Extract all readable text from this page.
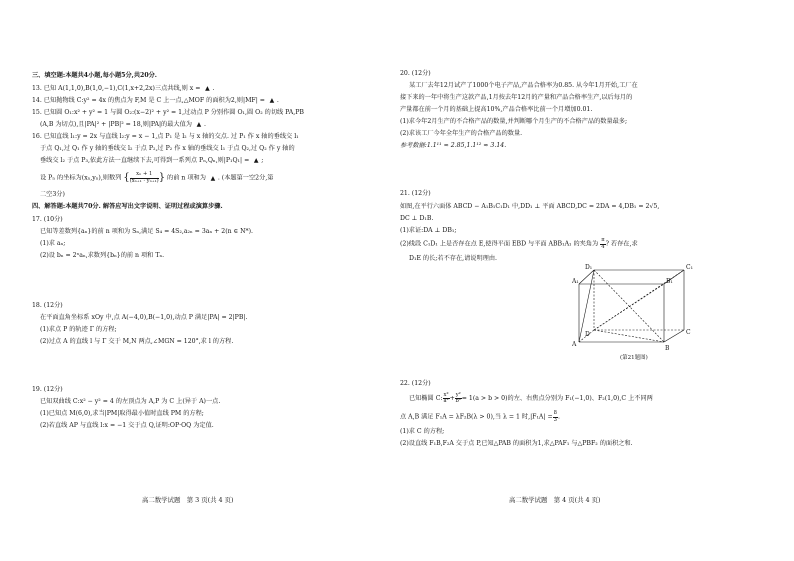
三、填空题:本题共4小题,每小题5分,共20分.
13. 已知 A(1,1,0),B(1,0,−1),C(1,x+2,2x)三点共线,则 x = ▲ .
14. 已知抛物线 C:y² = 4x 的焦点为 F,M 是 C 上一点,△MOF 的面积为2,则|MF| = ▲ .
15. 已知圆 O₁:x² + y² = 1 与圆 O₂:(x−2)² + y² = 1,过动点 P 分别作圆 O₁,圆 O₂ 的切线 PA,PB
(A,B 为切点),且|PA|² + |PB|² = 18,则|PA|的最大值为 ▲ .
16. 已知直线 l₁:y = 2x 与直线 l₂:y = x − 1,点 P₁ 是 l₂ 与 x 轴的交点. 过 P₁ 作 x 轴的垂线交 l₁
于点 Q₁,过 Q₁ 作 y 轴的垂线交 l₂ 于点 P₂,过 P₂ 作 x 轴的垂线交 l₁ 于点 Q₂,过 Q₂ 作 y 轴的
垂线交 l₂ 于点 P₃,依此方法一直继续下去,可得到一系列点 Pₙ,Qₙ,则|P₁Q₁| = ▲ ;
设 Pₙ 的坐标为(xₙ,yₙ),则数列 { $\frac{\text{xₙ + 1}}{\text{(xₙ₊₁ · yₙ₊₁)}}$ } 的前 n 项和为 ▲ . (本题第一空2分,第
二空3分)
四、解答题:本题共70分. 解答应写出文字说明、证明过程或演算步骤.
17. (10分)
已知等差数列{aₙ}的前 n 项和为 Sₙ,满足 S₄ = 4S₂,a₂ₙ = 3aₙ + 2(n ∈ N*).
(1)求 aₙ;
(2)设 bₙ = 2ⁿaₙ,求数列{bₙ}的前 n 项和 Tₙ.
18. (12分)
在平面直角坐标系 xOy 中,点 A(−4,0),B(−1,0),动点 P 满足|PA| = 2|PB|.
(1)求点 P 的轨迹 Γ 的方程;
(2)过点 A 的直线 l 与 Γ 交于 M,N 两点,∠MGN = 120°,求 l 的方程.
19. (12分)
已知双曲线 C:x² − y² = 4 的左顶点为 A,P 为 C 上(异于 A)一点.
(1)已知点 M(6,0),求当|PM|取得最小值时直线 PM 的方程;
(2)若直线 AP 与直线 l:x = −1 交于点 Q,证明:OP·OQ 为定值.
高二数学试题　第 3 页(共 4 页)
20. (12分)
某工厂去年12月试产了1000个电子产品,产品合格率为0.85. 从今年1月开始,工厂在
接下来的一年中将生产这款产品,1月按去年12月的产量和产品合格率生产,以后每月的
产量都在前一个月的基础上提高10%,产品合格率比前一个月增加0.01.
(1)求今年2月生产的不合格产品的数量,并判断哪个月生产的不合格产品的数量最多;
(2)求该工厂今年全年生产的合格产品的数量.
参考数据:1.1¹¹ ≈ 2.85,1.1¹² ≈ 3.14.
21. (12分)
如图,在平行六面体 ABCD − A₁B₁C₁D₁ 中,DD₁ ⊥ 平面 ABCD,DC = 2DA = 4,DB₁ = 2√5,
DC ⊥ D₁B.
(1)求证:DA ⊥ DB₁;
(2)线段 C₁D₁ 上是否存在点 E,使得平面 EBD 与平面 ABB₁A₁ 的夹角为 $\frac{\pi}{4}$ ? 若存在,求
D₁E 的长;若不存在,请说明理由.
D₁	C₁
B₁
A₁
D	C
A
B
(第21题图)
22. (12分)
已知椭圆 C: $\frac{\text{x²}}{\text{a²}} + \frac{\text{y²}}{\text{b²}} = 1(a > b > 0)$的左、右焦点分别为 F₁(−1,0)、F₂(1,0),C 上不同两
点 A,B 满足 F₁A = λF₂B(λ > 0),当 λ = 1 时$,|F_1A| = \frac{8}{3}$ .
(1)求 C 的方程;
(2)设直线 F₁B,F₂A 交于点 P,已知△PAB 的面积为1,求△PAF₁ 与△PBF₂ 的面积之和.
高二数学试题　第 4 页(共 4 页)
